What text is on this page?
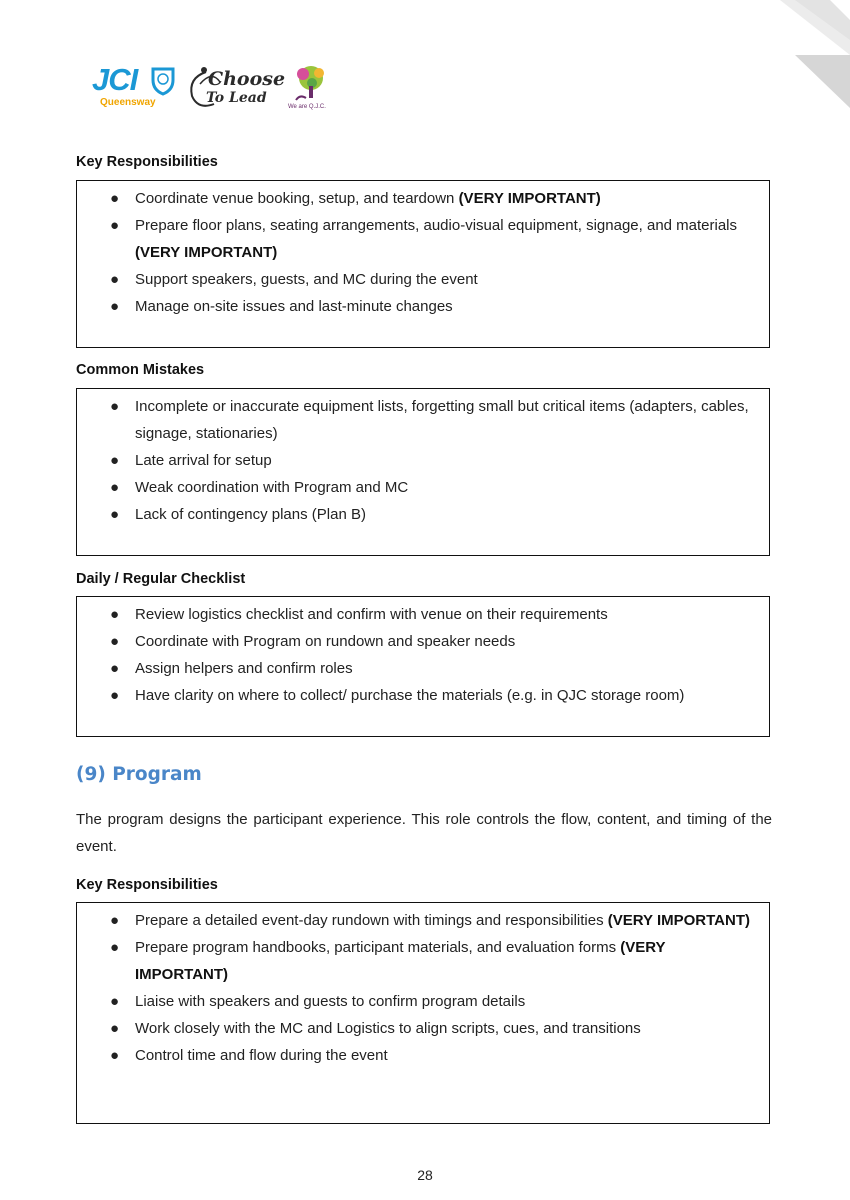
JCI
Queensway
Choose
To Lead
We are Q.J.C.
Key Responsibilities
● Coordinate venue booking, setup, and teardown (VERY IMPORTANT)
● Prepare floor plans, seating arrangements, audio-visual equipment, signage, and materials (VERY IMPORTANT)
● Support speakers, guests, and MC during the event
● Manage on-site issues and last-minute changes
Common Mistakes
● Incomplete or inaccurate equipment lists, forgetting small but critical items (adapters, cables, signage, stationaries)
● Late arrival for setup
● Weak coordination with Program and MC
● Lack of contingency plans (Plan B)
Daily / Regular Checklist
● Review logistics checklist and confirm with venue on their requirements
● Coordinate with Program on rundown and speaker needs
● Assign helpers and confirm roles
● Have clarity on where to collect/ purchase the materials (e.g. in QJC storage room)
(9) Program
The program designs the participant experience. This role controls the flow, content, and timing of the event.
Key Responsibilities
● Prepare a detailed event-day rundown with timings and responsibilities (VERY IMPORTANT)
● Prepare program handbooks, participant materials, and evaluation forms (VERY IMPORTANT)
● Liaise with speakers and guests to confirm program details
● Work closely with the MC and Logistics to align scripts, cues, and transitions
● Control time and flow during the event
28
